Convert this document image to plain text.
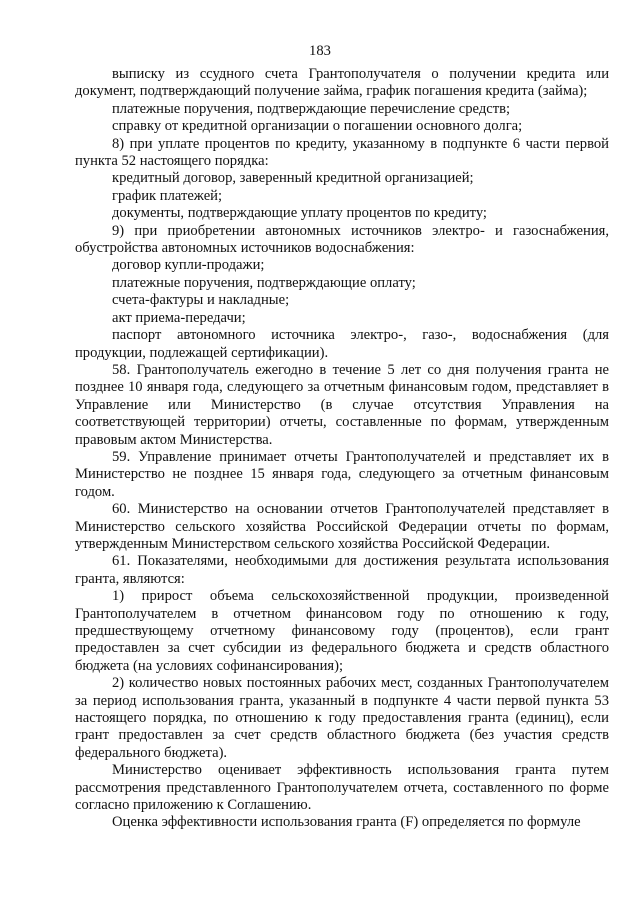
183

выписку из ссудного счета Грантополучателя о получении кредита или документ, подтверждающий получение займа, график погашения кредита (займа);

платежные поручения, подтверждающие перечисление средств;

справку от кредитной организации о погашении основного долга;

8) при уплате процентов по кредиту, указанному в подпункте 6 части первой пункта 52 настоящего порядка:

кредитный договор, заверенный кредитной организацией;

график платежей;

документы, подтверждающие уплату процентов по кредиту;

9) при приобретении автономных источников электро- и газоснабжения, обустройства автономных источников водоснабжения:

договор купли-продажи;

платежные поручения, подтверждающие оплату;

счета-фактуры и накладные;

акт приема-передачи;

паспорт автономного источника электро-, газо-, водоснабжения (для продукции, подлежащей сертификации).

58. Грантополучатель ежегодно в течение 5 лет со дня получения гранта не позднее 10 января года, следующего за отчетным финансовым годом, представляет в Управление или Министерство (в случае отсутствия Управления на соответствующей территории) отчеты, составленные по формам, утвержденным правовым актом Министерства.

59. Управление принимает отчеты Грантополучателей и представляет их в Министерство не позднее 15 января года, следующего за отчетным финансовым годом.

60. Министерство на основании отчетов Грантополучателей представляет в Министерство сельского хозяйства Российской Федерации отчеты по формам, утвержденным Министерством сельского хозяйства Российской Федерации.

61. Показателями, необходимыми для достижения результата использования гранта, являются:

1) прирост объема сельскохозяйственной продукции, произведенной Грантополучателем в отчетном финансовом году по отношению к году, предшествующему отчетному финансовому году (процентов), если грант предоставлен за счет субсидии из федерального бюджета и средств областного бюджета (на условиях софинансирования);

2) количество новых постоянных рабочих мест, созданных Грантополучателем за период использования гранта, указанный в подпункте 4 части первой пункта 53 настоящего порядка, по отношению к году предоставления гранта (единиц), если грант предоставлен за счет средств областного бюджета (без участия средств федерального бюджета).

Министерство оценивает эффективность использования гранта путем рассмотрения представленного Грантополучателем отчета, составленного по форме согласно приложению к Соглашению.

Оценка эффективности использования гранта (F) определяется по формуле
